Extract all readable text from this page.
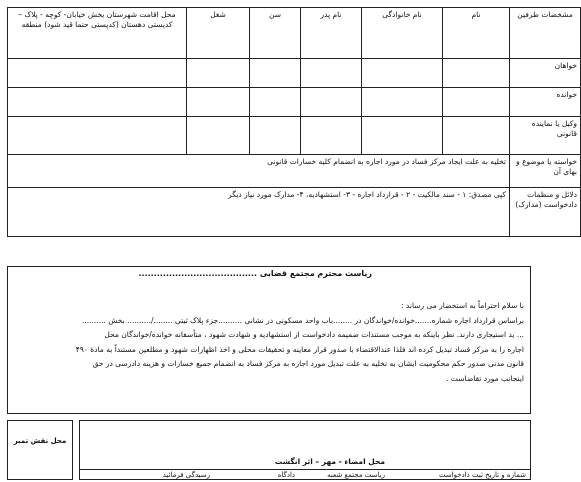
مشخصات طرفین	نام	نام خانوادگی	نام پدر	سن	شغل	محل اقامت شهرستان بخش خیابان- کوچه - پلاک – کدپستی دهستان (کدپستی حتما قید شود) منطقه
خواهان						
خوانده						
وکیل یا نماینده قانونی						
خواسته یا موضوع و بهای آن	تخلیه به علت ایجاد مرکز فساد در مورد اجاره به انضمام کلیه خسارات قانونی					
دلائل و منظمات دادخواست (مدارک)	کپی مصدق: ۱ - سند مالکیت - ۲ - قرارداد اجاره - ۳- استشهادیه، ۴- مدارک مورد نیاز دیگر					
ریاست محترم مجتمع قضایی .......................................
با سلام احتراماً به استحضار می رساند :
براساس قرارداد اجاره شماره.......خوانده/خواندگان در ........باب واحد مسکونی در نشانی ..........جزء پلاک ثبتی ......../.......... بخش ..........
... ید استیجاری دارند. نظر باینکه به موجب مستندات ضمیمه دادخواست از استشهادیه و شهادت شهود ، متأسفانه خوانده/خواندگان محل
اجاره را به مرکز فساد تبدیل کرده اند فلذا عندالاقتضاء با صدور قرار معاینه و تحقیقات محلی و اخذ اظهارات شهود و مطلعین مستنداً به مادهٔ ۴۹۰
قانون مدنی صدور حکم محکومیت ایشان به تخلیه به علت تبدیل مورد اجاره به مرکز فساد به انضمام جمیع خسارات و هزینه دادرسی در حق
اینجانب مورد تقاضاست .
محل نقش تمبر
محل امضاء - مهر – اثر انگشت
شماره و تاریخ ثبت دادخواست
ریاست مجتمع شعبه
دادگاه
رسیدگی فرمائید
